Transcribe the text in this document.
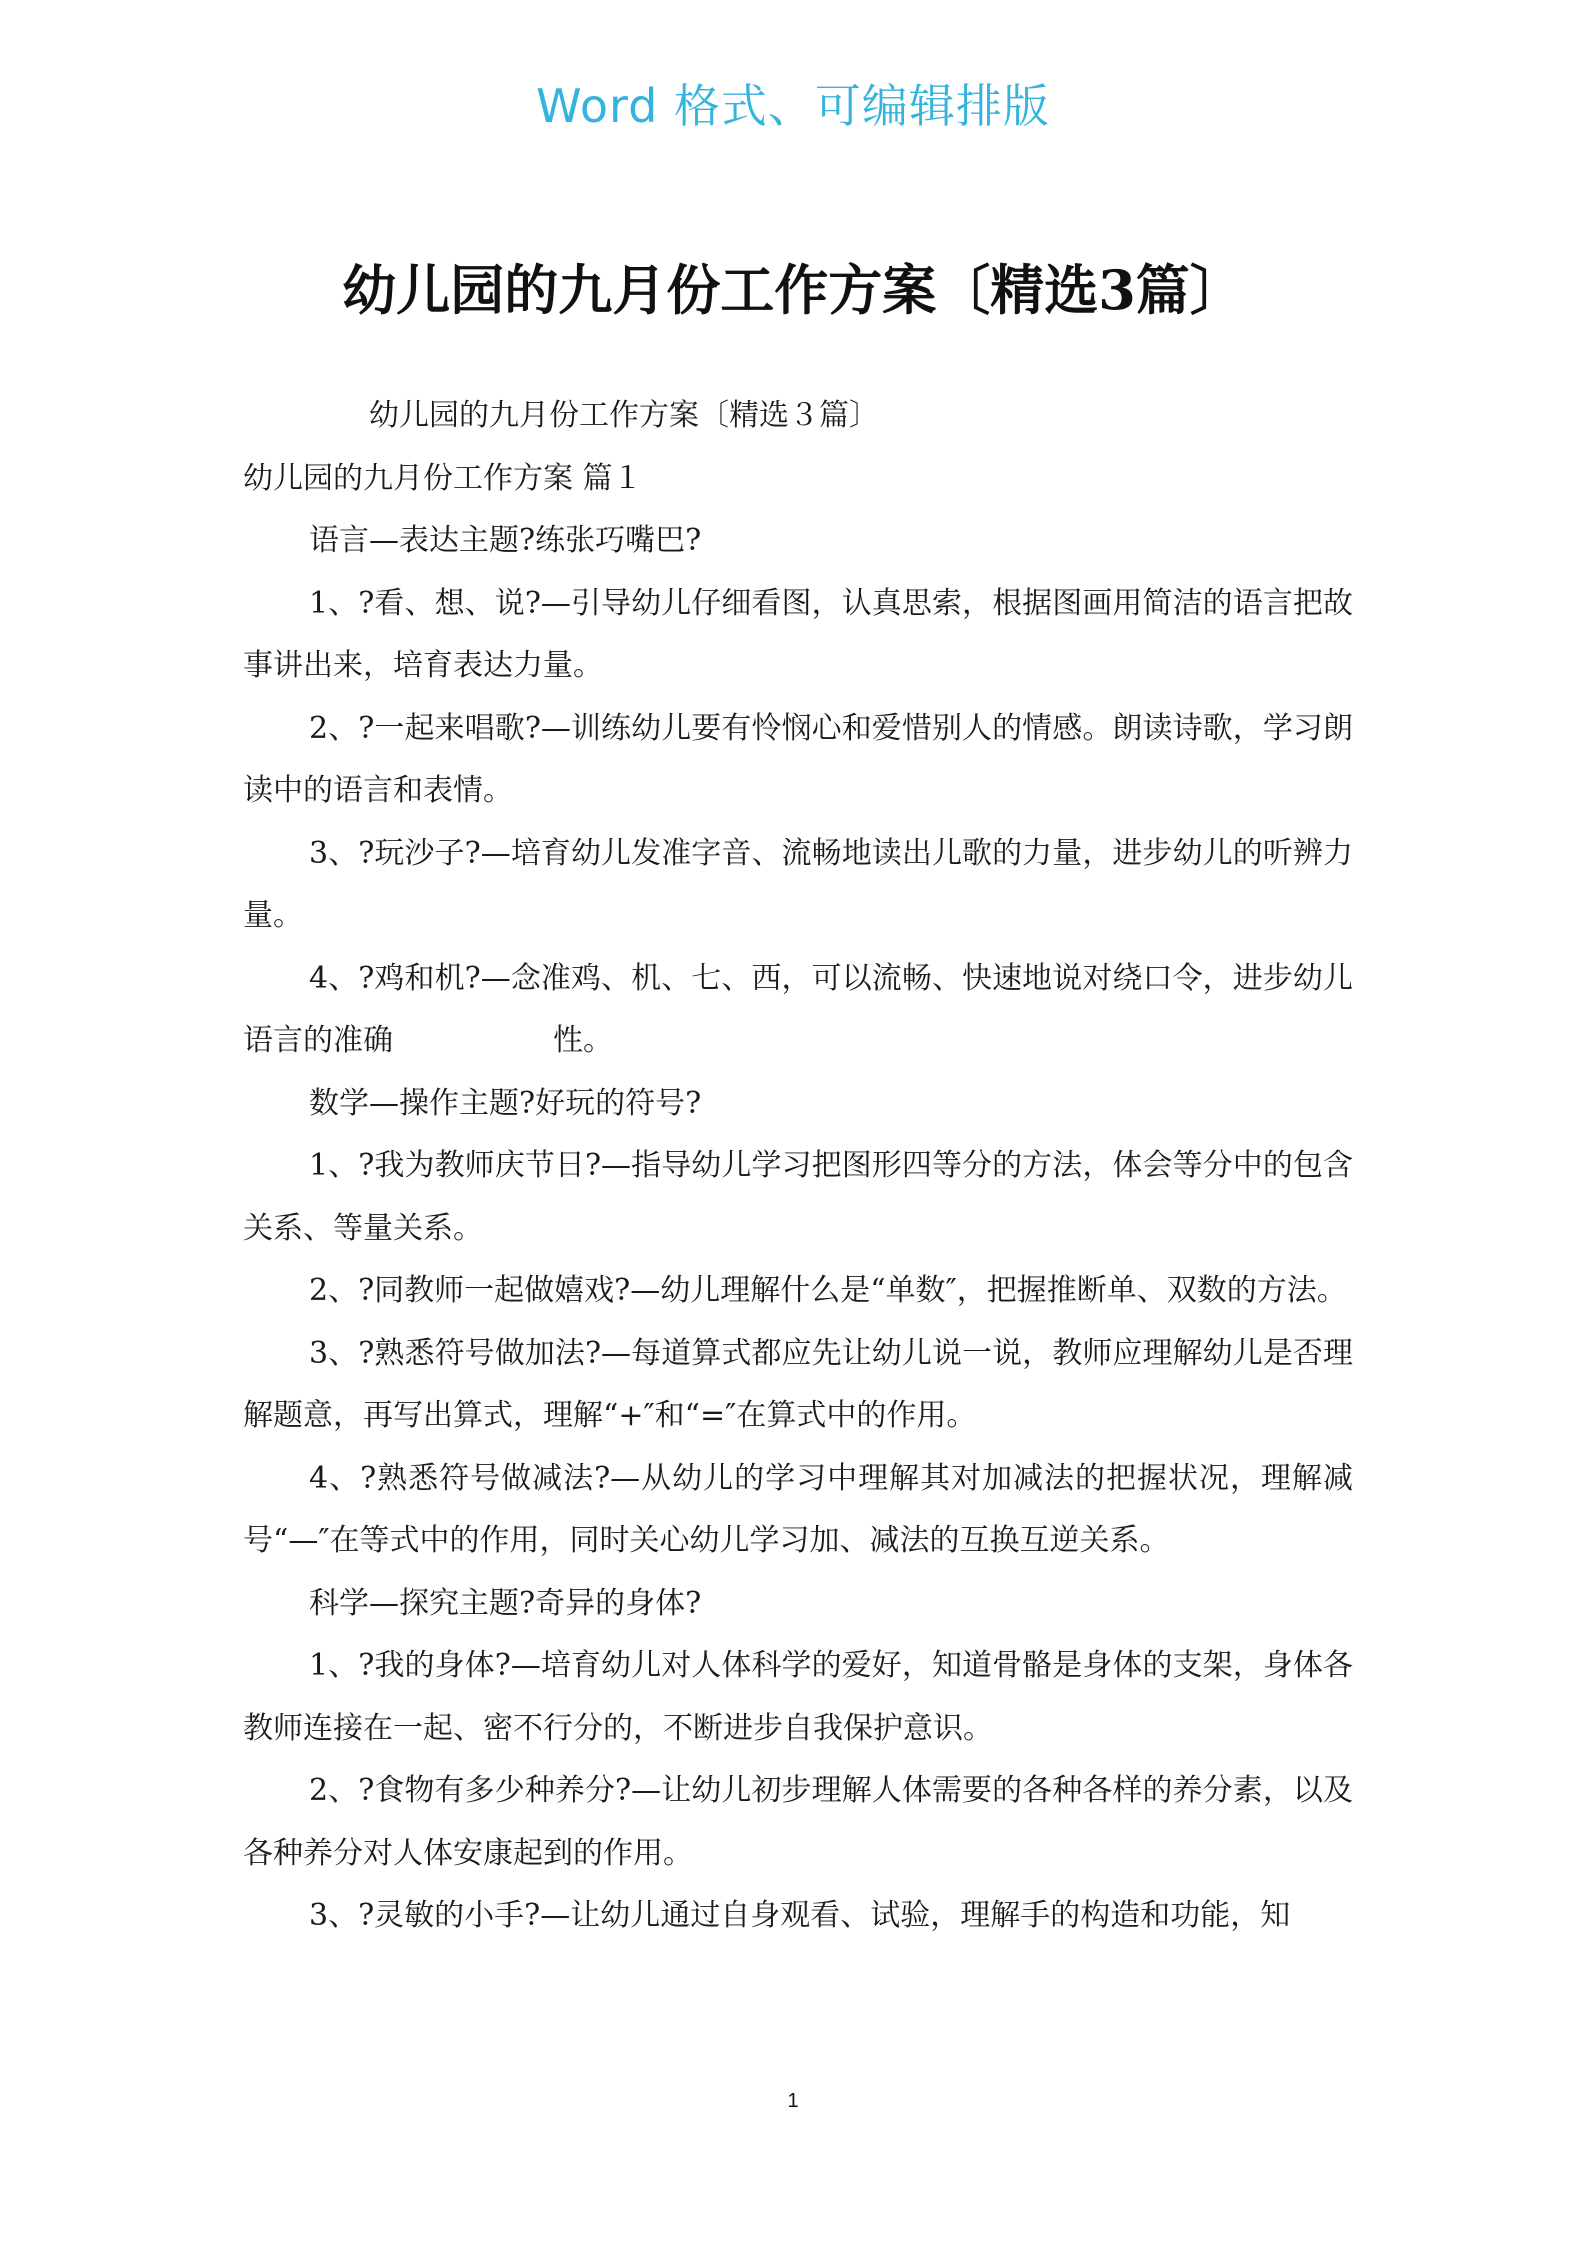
Word 格式、可编辑排版
幼儿园的九月份工作方案〔精选3篇〕

幼儿园的九月份工作方案〔精选３篇〕

幼儿园的九月份工作方案 篇１

语言—表达主题?练张巧嘴巴?

1、?看、想、说?—引导幼儿仔细看图，认真思索，根据图画用简洁的语言把故事讲出来，培育表达力量。

2、?一起来唱歌?—训练幼儿要有怜悯心和爱惜别人的情感。朗读诗歌，学习朗读中的语言和表情。

3、?玩沙子?—培育幼儿发准字音、流畅地读出儿歌的力量，进步幼儿的听辨力量。

4、?鸡和机?—念准鸡、机、七、西，可以流畅、快速地说对绕口令，进步幼儿语言的准确	性。

数学—操作主题?好玩的符号?

1、?我为教师庆节日?—指导幼儿学习把图形四等分的方法，体会等分中的包含关系、等量关系。

2、?同教师一起做嬉戏?—幼儿理解什么是“单数″，把握推断单、双数的方法。

3、?熟悉符号做加法?—每道算式都应先让幼儿说一说，教师应理解幼儿是否理解题意，再写出算式，理解“+″和“=″在算式中的作用。

4、?熟悉符号做减法?—从幼儿的学习中理解其对加减法的把握状况，理解减号“—″在等式中的作用，同时关心幼儿学习加、减法的互换互逆关系。

科学—探究主题?奇异的身体?

1、?我的身体?—培育幼儿对人体科学的爱好，知道骨骼是身体的支架，身体各教师连接在一起、密不行分的，不断进步自我保护意识。

2、?食物有多少种养分?—让幼儿初步理解人体需要的各种各样的养分素，以及各种养分对人体安康起到的作用。

3、?灵敏的小手?—让幼儿通过自身观看、试验，理解手的构造和功能，知

1
